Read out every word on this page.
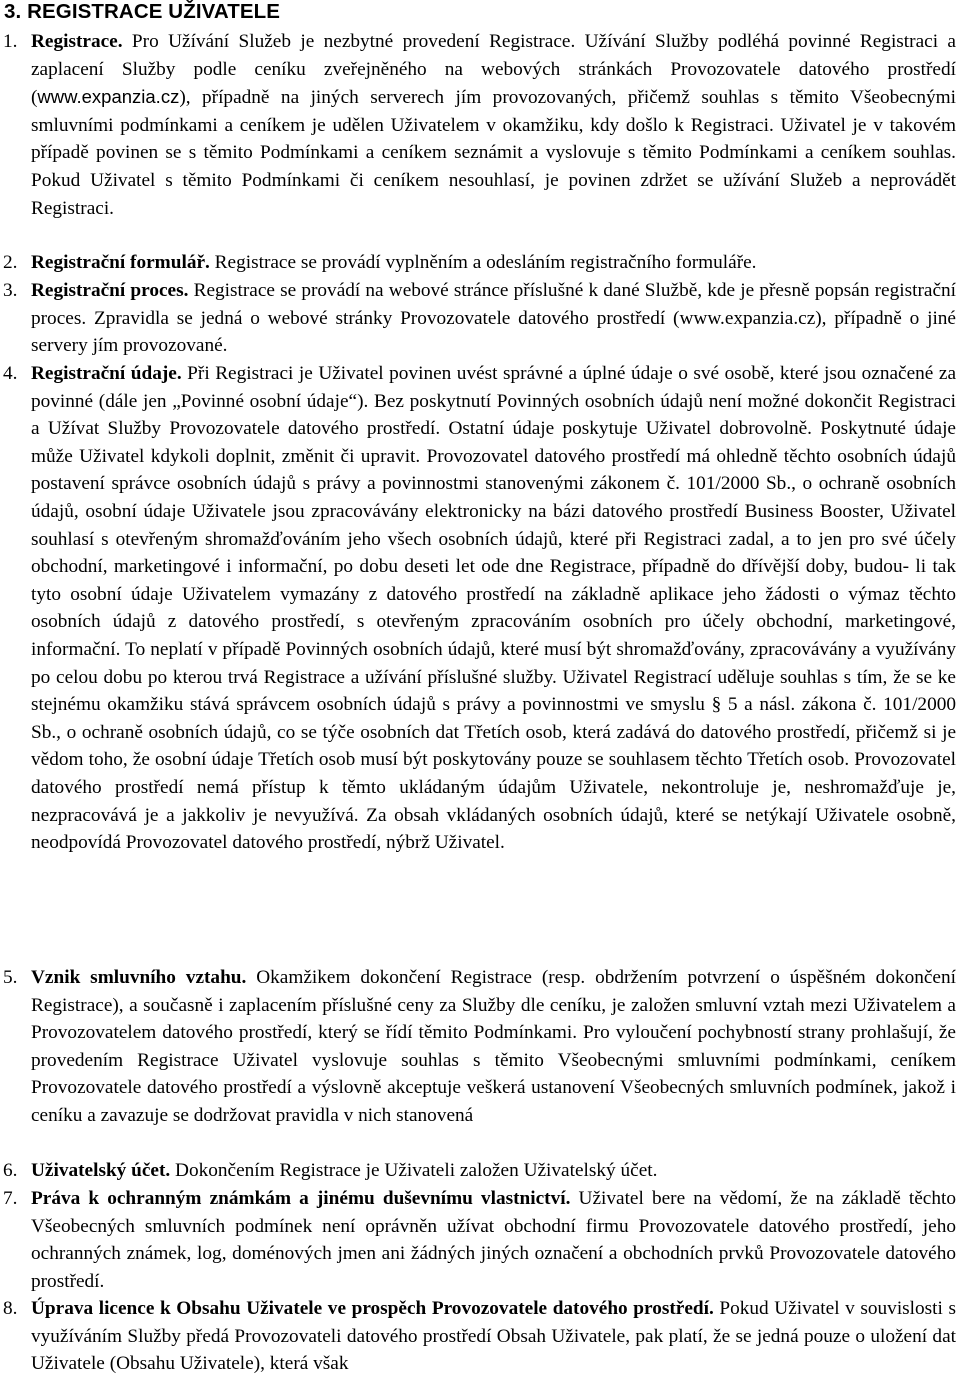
3. REGISTRACE UŽIVATELE

1. Registrace. Pro Užívání Služeb je nezbytné provedení Registrace. Užívání Služby podléhá povinné Registraci a zaplacení Služby podle ceníku zveřejněného na webových stránkách Provozovatele datového prostředí (www.expanzia.cz), případně na jiných serverech jím provozovaných, přičemž souhlas s těmito Všeobecnými smluvními podmínkami a ceníkem je udělen Uživatelem v okamžiku, kdy došlo k Registraci. Uživatel je v takovém případě povinen se s těmito Podmínkami a ceníkem seznámit a vyslovuje s těmito Podmínkami a ceníkem souhlas. Pokud Uživatel s těmito Podmínkami či ceníkem nesouhlasí, je povinen zdržet se užívání Služeb a neprovádět Registraci.

2. Registrační formulář. Registrace se provádí vyplněním a odesláním registračního formuláře.

3. Registrační proces. Registrace se provádí na webové stránce příslušné k dané Službě, kde je přesně popsán registrační proces. Zpravidla se jedná o webové stránky Provozovatele datového prostředí (www.expanzia.cz), případně o jiné servery jím provozované.

4. Registrační údaje. Při Registraci je Uživatel povinen uvést správné a úplné údaje o své osobě, které jsou označené za povinné (dále jen „Povinné osobní údaje“). Bez poskytnutí Povinných osobních údajů není možné dokončit Registraci a Užívat Služby Provozovatele datového prostředí. Ostatní údaje poskytuje Uživatel dobrovolně. Poskytnuté údaje může Uživatel kdykoli doplnit, změnit či upravit. Provozovatel datového prostředí má ohledně těchto osobních údajů postavení správce osobních údajů s právy a povinnostmi stanovenými zákonem č. 101/2000 Sb., o ochraně osobních údajů, osobní údaje Uživatele jsou zpracovávány elektronicky na bázi datového prostředí Business Booster, Uživatel souhlasí s otevřeným shromažďováním jeho všech osobních údajů, které při Registraci zadal, a to jen pro své účely obchodní, marketingové i informační, po dobu deseti let ode dne Registrace, případně do dřívější doby, budou- li tak tyto osobní údaje Uživatelem vymazány z datového prostředí na základně aplikace jeho žádosti o výmaz těchto osobních údajů z datového prostředí, s otevřeným zpracováním osobních pro účely obchodní, marketingové, informační. To neplatí v případě Povinných osobních údajů, které musí být shromažďovány, zpracovávány a využívány po celou dobu po kterou trvá Registrace a užívání příslušné služby. Uživatel Registrací uděluje souhlas s tím, že se ke stejnému okamžiku stává správcem osobních údajů s právy a povinnostmi ve smyslu § 5 a násl. zákona č. 101/2000 Sb., o ochraně osobních údajů, co se týče osobních dat Třetích osob, která zadává do datového prostředí, přičemž si je vědom toho, že osobní údaje Třetích osob musí být poskytovány pouze se souhlasem těchto Třetích osob. Provozovatel datového prostředí nemá přístup k těmto ukládaným údajům Uživatele, nekontroluje je, neshromažďuje je, nezpracovává je a jakkoliv je nevyužívá. Za obsah vkládaných osobních údajů, které se netýkají Uživatele osobně, neodpovídá Provozovatel datového prostředí, nýbrž Uživatel.

5. Vznik smluvního vztahu. Okamžikem dokončení Registrace (resp. obdržením potvrzení o úspěšném dokončení Registrace), a současně i zaplacením příslušné ceny za Služby dle ceníku, je založen smluvní vztah mezi Uživatelem a Provozovatelem datového prostředí, který se řídí těmito Podmínkami. Pro vyloučení pochybností strany prohlašují, že provedením Registrace Uživatel vyslovuje souhlas s těmito Všeobecnými smluvními podmínkami, ceníkem Provozovatele datového prostředí a výslovně akceptuje veškerá ustanovení Všeobecných smluvních podmínek, jakož i ceníku a zavazuje se dodržovat pravidla v nich stanovená

6. Uživatelský účet. Dokončením Registrace je Uživateli založen Uživatelský účet.

7. Práva k ochranným známkám a jinému duševnímu vlastnictví. Uživatel bere na vědomí, že na základě těchto Všeobecných smluvních podmínek není oprávněn užívat obchodní firmu Provozovatele datového prostředí, jeho ochranných známek, log, doménových jmen ani žádných jiných označení a obchodních prvků Provozovatele datového prostředí.

8. Úprava licence k Obsahu Uživatele ve prospěch Provozovatele datového prostředí. Pokud Uživatel v souvislosti s využíváním Služby předá Provozovateli datového prostředí Obsah Uživatele, pak platí, že se jedná pouze o uložení dat Uživatele (Obsahu Uživatele), která však
